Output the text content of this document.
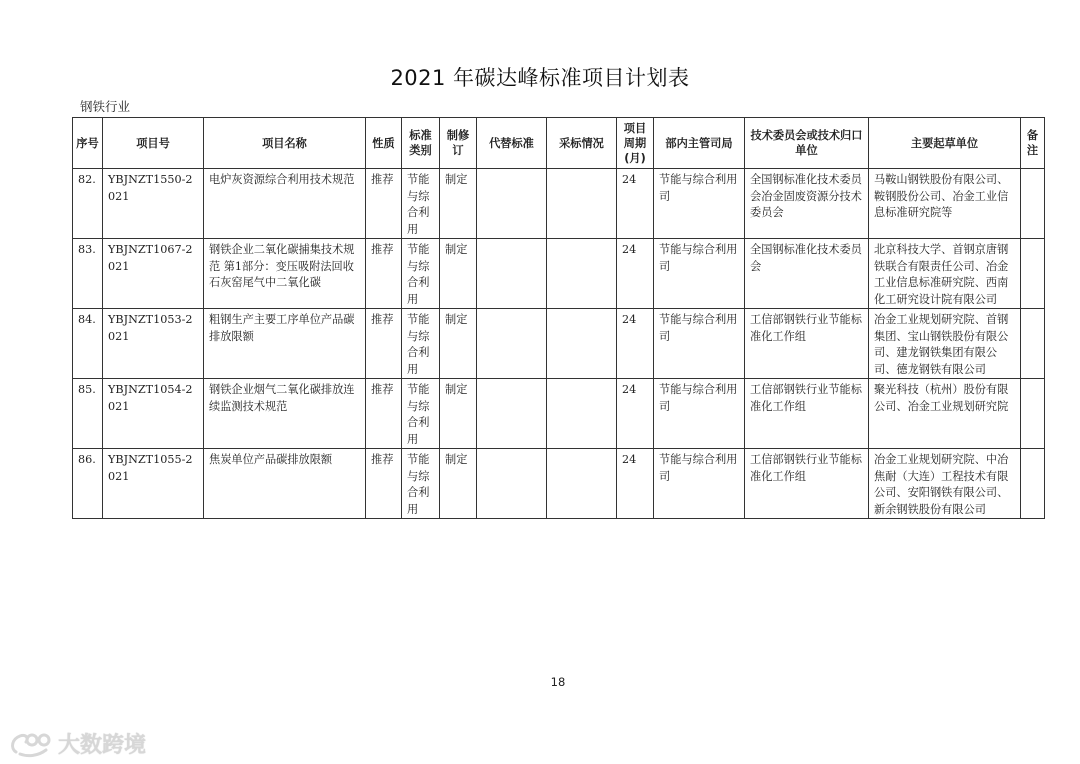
2021 年碳达峰标准项目计划表
钢铁行业
序号	项目号	项目名称	性质	标准类别	制修订	代替标准	采标情况	项目周期(月)	部内主管司局	技术委员会或技术归口单位	主要起草单位	备注
82.	YBJNZT1550-2021	电炉灰资源综合利用技术规范	推荐	节能与综合利用	制定			24	节能与综合利用司	全国钢标准化技术委员会冶金固废资源分技术委员会	马鞍山钢铁股份有限公司、鞍钢股份公司、冶金工业信息标准研究院等	
83.	YBJNZT1067-2021	钢铁企业二氧化碳捕集技术规范 第1部分：变压吸附法回收石灰窑尾气中二氧化碳	推荐	节能与综合利用	制定			24	节能与综合利用司	全国钢标准化技术委员会	北京科技大学、首钢京唐钢铁联合有限责任公司、冶金工业信息标准研究院、西南化工研究设计院有限公司	
84.	YBJNZT1053-2021	粗钢生产主要工序单位产品碳排放限额	推荐	节能与综合利用	制定			24	节能与综合利用司	工信部钢铁行业节能标准化工作组	冶金工业规划研究院、首钢集团、宝山钢铁股份有限公司、建龙钢铁集团有限公司、德龙钢铁有限公司	
85.	YBJNZT1054-2021	钢铁企业烟气二氧化碳排放连续监测技术规范	推荐	节能与综合利用	制定			24	节能与综合利用司	工信部钢铁行业节能标准化工作组	聚光科技（杭州）股份有限公司、冶金工业规划研究院	
86.	YBJNZT1055-2021	焦炭单位产品碳排放限额	推荐	节能与综合利用	制定			24	节能与综合利用司	工信部钢铁行业节能标准化工作组	冶金工业规划研究院、中冶焦耐（大连）工程技术有限公司、安阳钢铁有限公司、新余钢铁股份有限公司	
18
大数跨境
